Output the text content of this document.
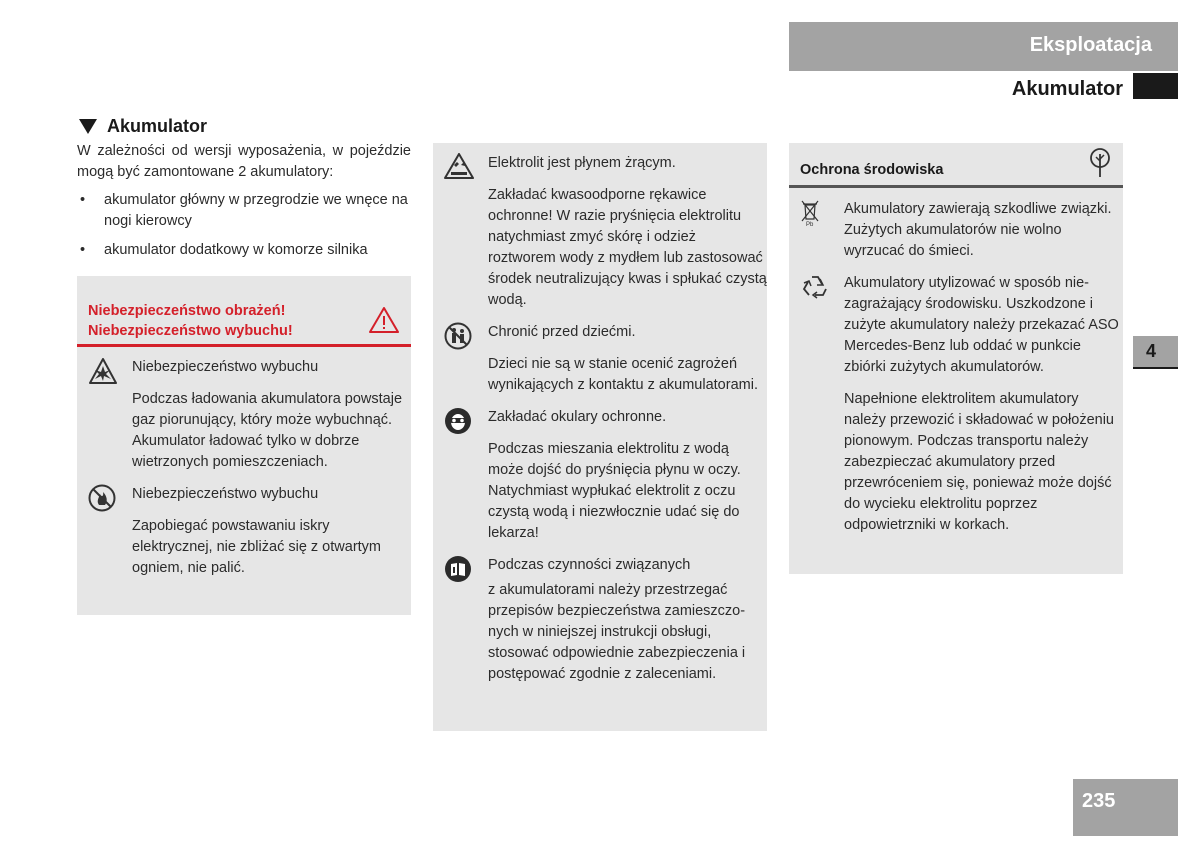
Eksploatacja
Akumulator
4
235
Akumulator

W zależności od wersji wyposażenia, w pojeździe mogą być zamontowane 2 akumulatory:

• akumulator główny w przegrodzie we wnęce na nogi kierowcy
• akumulator dodatkowy w komorze silnika
Niebezpieczeństwo obrażeń!
Niebezpieczeństwo wybuchu!

Niebezpieczeństwo wybuchu

Podczas ładowania akumulatora powstaje gaz piorunujący, który może wybuchnąć. Akumulator ładować tylko w dobrze wietrzonych pomieszczeniach.

Niebezpieczeństwo wybuchu

Zapobiegać powstawaniu iskry elektrycznej, nie zbliżać się z otwartym ogniem, nie palić.

Elektrolit jest płynem żrącym.

Zakładać kwasoodporne rękawice ochronne! W razie pryśnięcia elektrolitu natychmiast zmyć skórę i odzież roztworem wody z mydłem lub zastosować środek neutralizujący kwas i spłukać czystą wodą.

Chronić przed dziećmi.

Dzieci nie są w stanie ocenić zagrożeń wynikających z kontaktu z akumulatorami.

Zakładać okulary ochronne.

Podczas mieszania elektrolitu z wodą może dojść do pryśnięcia płynu w oczy. Natychmiast wypłukać elektrolit z oczu czystą wodą i niezwłocznie udać się do lekarza!

Podczas czynności związanych

z akumulatorami należy przestrzegać przepisów bezpieczeństwa zamieszczonych w niniejszej instrukcji obsługi, stosować odpowiednie zabezpieczenia i postępować zgodnie z zaleceniami.

Ochrona środowiska
Pb

Akumulatory zawierają szkodliwe związki. Zużytych akumulatorów nie wolno wyrzucać do śmieci.

Akumulatory utylizować w sposób niezagrażający środowisku. Uszkodzone i zużyte akumulatory należy przekazać ASO Mercedes-Benz lub oddać w punkcie zbiórki zużytych akumulatorów.

Napełnione elektrolitem akumulatory należy przewozić i składować w położeniu pionowym. Podczas transportu należy zabezpieczać akumulatory przed przewróceniem się, ponieważ może dojść do wycieku elektrolitu poprzez odpowietrzniki w korkach.
